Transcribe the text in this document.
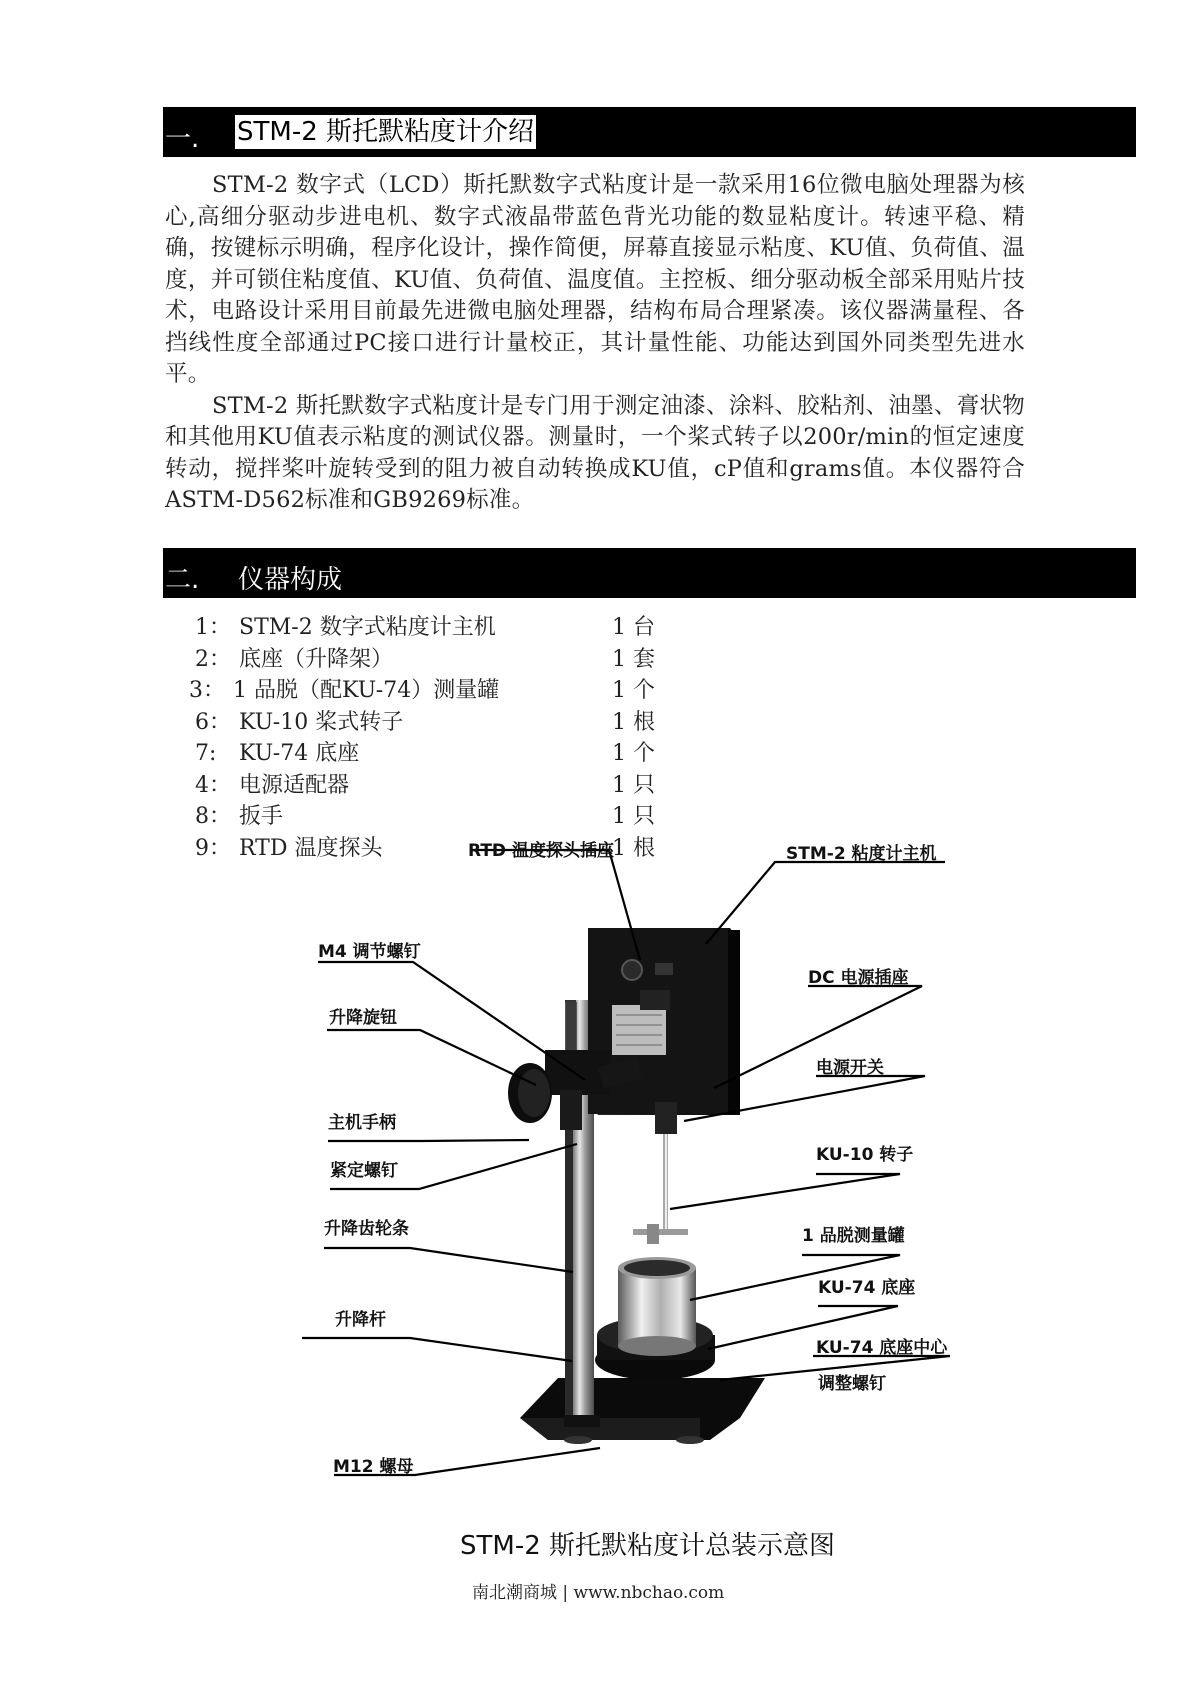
一. STM-2 斯托默粘度计介绍

STM-2 数字式（LCD）斯托默数字式粘度计是一款采用16位微电脑处理器为核心,高细分驱动步进电机、数字式液晶带蓝色背光功能的数显粘度计。转速平稳、精确，按键标示明确，程序化设计，操作简便，屏幕直接显示粘度、KU值、负荷值、温度，并可锁住粘度值、KU值、负荷值、温度值。主控板、细分驱动板全部采用贴片技术，电路设计采用目前最先进微电脑处理器，结构布局合理紧凑。该仪器满量程、各挡线性度全部通过PC接口进行计量校正，其计量性能、功能达到国外同类型先进水平。

STM-2 斯托默数字式粘度计是专门用于测定油漆、涂料、胶粘剂、油墨、膏状物和其他用KU值表示粘度的测试仪器。测量时，一个桨式转子以200r/min的恒定速度转动，搅拌桨叶旋转受到的阻力被自动转换成KU值，cP值和grams值。本仪器符合ASTM-D562标准和GB9269标准。

二. 仪器构成
1： STM-2 数字式粘度计主机	1 台
2： 底座（升降架）	1 套
3： 1 品脱（配KU-74）测量罐	1 个
6： KU-10 桨式转子	1 根
7: KU-74 底座	1 个
4： 电源适配器	1 只
8： 扳手	1 只
9： RTD 温度探头	1 根
RTD 温度探头插座	STM-2 粘度计主机
M4 调节螺钉
DC 电源插座
升降旋钮
电源开关
主机手柄
KU-10 转子
紧定螺钉
升降齿轮条	1 品脱测量罐
KU-74 底座
升降杆
KU-74 底座中心
调整螺钉
M12 螺母
STM-2 斯托默粘度计总装示意图
南北潮商城 | www.nbchao.com
